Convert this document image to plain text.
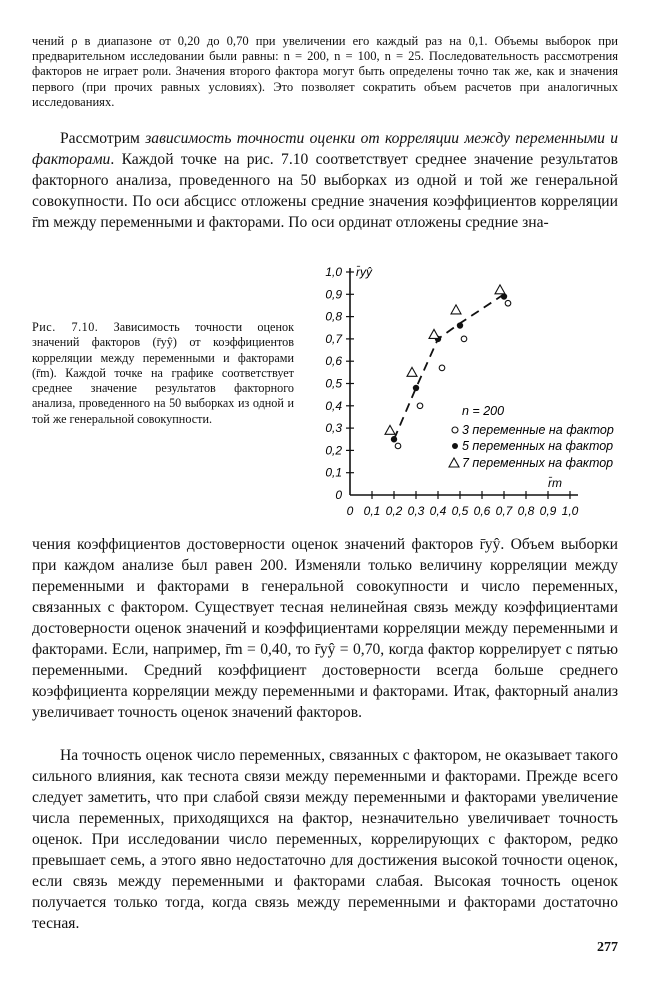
чений ρ в диапазоне от 0,20 до 0,70 при увеличении его каждый раз на 0,1. Объемы выборок при предварительном исследовании были равны: n = 200, n = 100, n = 25. Последовательность рассмотрения факторов не играет роли. Значения второго фактора могут быть определены точно так же, как и значения первого (при прочих равных условиях). Это позволяет сократить объем расчетов при аналогичных исследованиях.
Рассмотрим зависимость точности оценки от корреляции между переменными и факторами. Каждой точке на рис. 7.10 соответствует среднее значение результатов факторного анализа, проведенного на 50 выборках из одной и той же генеральной совокупности. По оси абсцисс отложены средние значения коэффициентов корреляции r̄m между переменными и факторами. По оси ординат отложены средние зна-
Рис. 7.10. Зависимость точности оценок значений факторов (r̄yŷ) от коэффициентов корреляции между переменными и факторами (r̄m). Каждой точке на графике соответствует среднее значение результатов факторного анализа, проведенного на 50 выборках из одной и той же генеральной совокупности.
0 0,1 0,2 0,3 0,4 0,5 0,6 0,7 0,8 0,9 1,0
0
0,1
0,2
0,3
0,4
0,5
0,6
0,7
0,8
0,9
1,0 r̄yŷ
r̄m
n = 200
3 переменные на фактор
5 переменных на фактор
7 переменных на фактор
чения коэффициентов достоверности оценок значений факторов r̄yŷ. Объем выборки при каждом анализе был равен 200. Изменяли только величину корреляции между переменными и факторами в генеральной совокупности и число переменных, связанных с фактором. Существует тесная нелинейная связь между коэффициентами достоверности оценок значений и коэффициентами корреляции между переменными и факторами. Если, например, r̄m = 0,40, то r̄yŷ = 0,70, когда фактор коррелирует с пятью переменными. Средний коэффициент достоверности всегда больше среднего коэффициента корреляции между переменными и факторами. Итак, факторный анализ увеличивает точность оценок значений факторов.
На точность оценок число переменных, связанных с фактором, не оказывает такого сильного влияния, как теснота связи между переменными и факторами. Прежде всего следует заметить, что при слабой связи между переменными и факторами увеличение числа переменных, приходящихся на фактор, незначительно увеличивает точность оценок. При исследовании число переменных, коррелирующих с фактором, редко превышает семь, а этого явно недостаточно для достижения высокой точности оценок, если связь между переменными и факторами слабая. Высокая точность оценок получается только тогда, когда связь между переменными и факторами достаточно тесная.
277
